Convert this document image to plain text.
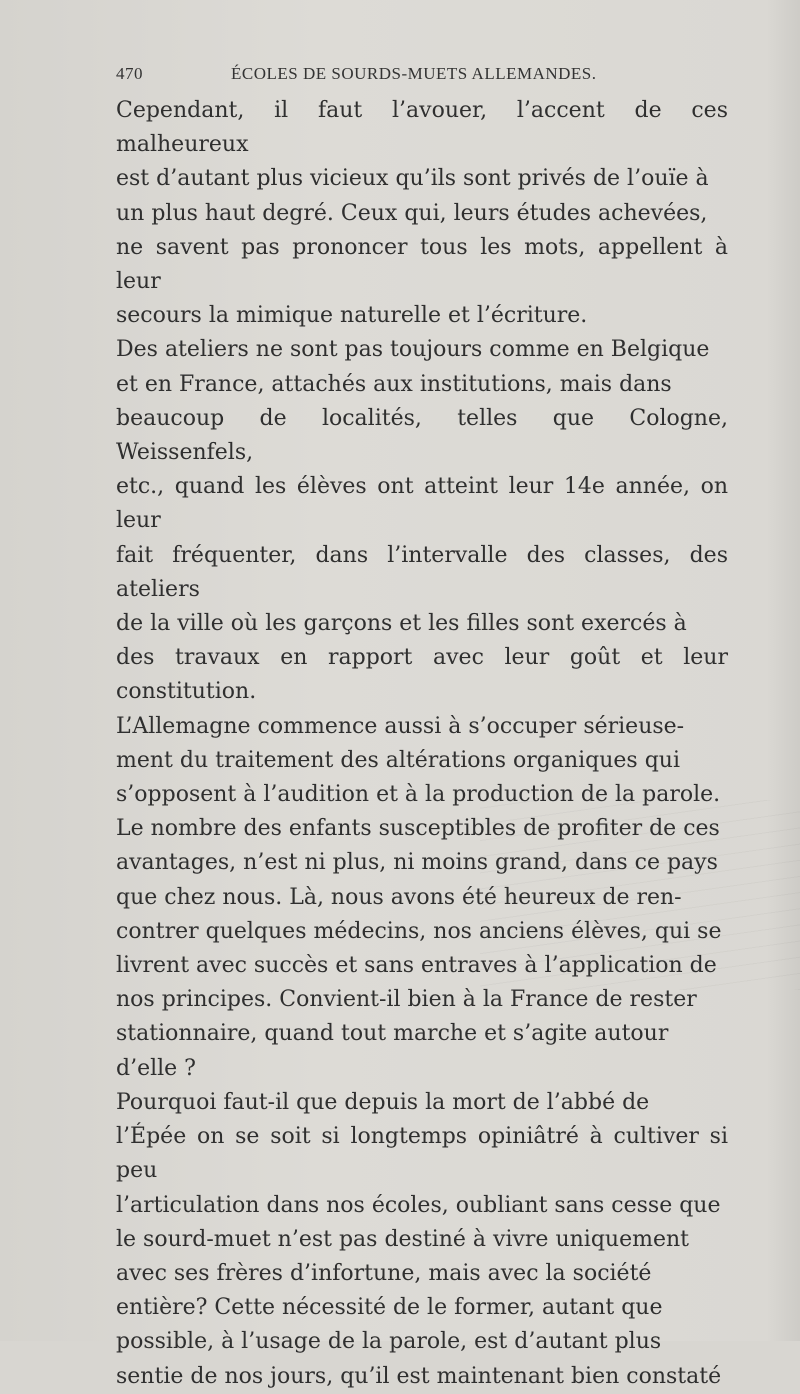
470	ÉCOLES DE SOURDS-MUETS ALLEMANDES.

Cependant, il faut l’avouer, l’accent de ces malheureux
est d’autant plus vicieux qu’ils sont privés de l’ouïe à
un plus haut degré. Ceux qui, leurs études achevées,
ne savent pas prononcer tous les mots, appellent à leur
secours la mimique naturelle et l’écriture.

Des ateliers ne sont pas toujours comme en Belgique
et en France, attachés aux institutions, mais dans
beaucoup de localités, telles que Cologne, Weissenfels,
etc., quand les élèves ont atteint leur 14e année, on leur
fait fréquenter, dans l’intervalle des classes, des ateliers
de la ville où les garçons et les filles sont exercés à
des travaux en rapport avec leur goût et leur constitution.

L’Allemagne commence aussi à s’occuper sérieuse-
ment du traitement des altérations organiques qui
s’opposent à l’audition et à la production de la parole.
Le nombre des enfants susceptibles de profiter de ces
avantages, n’est ni plus, ni moins grand, dans ce pays
que chez nous. Là, nous avons été heureux de ren-
contrer quelques médecins, nos anciens élèves, qui se
livrent avec succès et sans entraves à l’application de
nos principes. Convient-il bien à la France de rester
stationnaire, quand tout marche et s’agite autour
d’elle ?

Pourquoi faut-il que depuis la mort de l’abbé de
l’Épée on se soit si longtemps opiniâtré à cultiver si peu
l’articulation dans nos écoles, oubliant sans cesse que
le sourd-muet n’est pas destiné à vivre uniquement
avec ses frères d’infortune, mais avec la société
entière? Cette nécessité de le former, autant que
possible, à l’usage de la parole, est d’autant plus
sentie de nos jours, qu’il est maintenant bien constaté
